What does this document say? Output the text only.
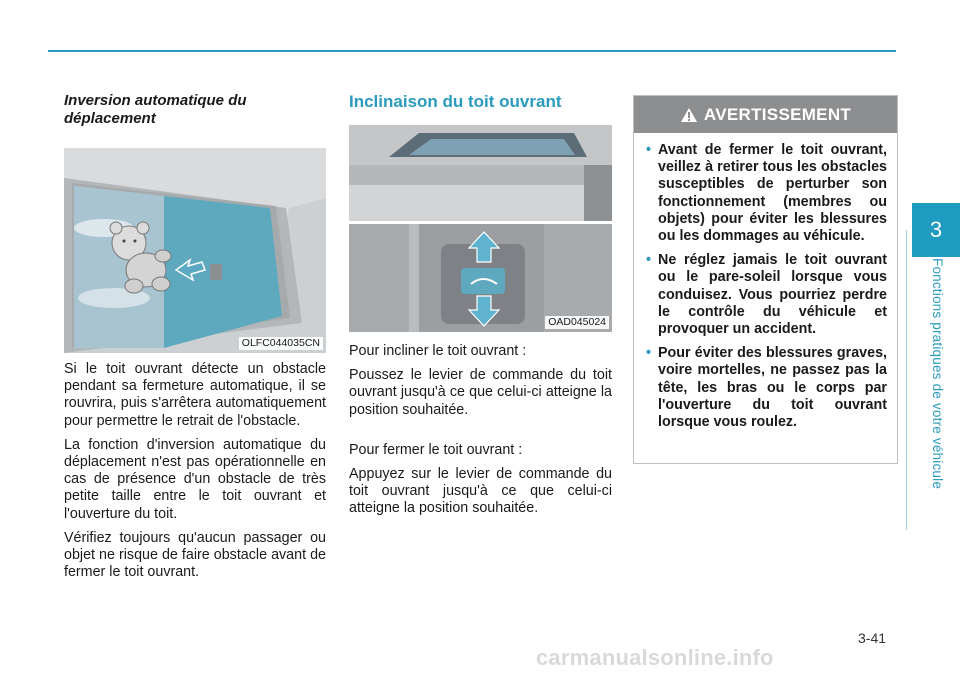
3
Fonctions pratiques de votre véhicule
Inversion automatique du déplacement
OLFC044035CN

Si le toit ouvrant détecte un obstacle pendant sa fermeture automatique, il se rouvrira, puis s'arrêtera automatiquement pour permettre le retrait de l'obstacle.

La fonction d'inversion automatique du déplacement n'est pas opérationnelle en cas de présence d'un obstacle de très petite taille entre le toit ouvrant et l'ouverture du toit.

Vérifiez toujours qu'aucun passager ou objet ne risque de faire obstacle avant de fermer le toit ouvrant.

Inclinaison du toit ouvrant
OAD045024

Pour incliner le toit ouvrant :

Poussez le levier de commande du toit ouvrant jusqu'à ce que celui-ci atteigne la position souhaitée.

Pour fermer le toit ouvrant :

Appuyez sur le levier de commande du toit ouvrant jusqu'à ce que celui-ci atteigne la position souhaitée.

AVERTISSEMENT
• Avant de fermer le toit ouvrant, veillez à retirer tous les obstacles susceptibles de perturber son fonctionnement (membres ou objets) pour éviter les blessures ou les dommages au véhicule.
• Ne réglez jamais le toit ouvrant ou le pare-soleil lorsque vous conduisez. Vous pourriez perdre le contrôle du véhicule et provoquer un accident.
• Pour éviter des blessures graves, voire mortelles, ne passez pas la tête, les bras ou le corps par l'ouverture du toit ouvrant lorsque vous roulez.
3-41
carmanualsonline.info
